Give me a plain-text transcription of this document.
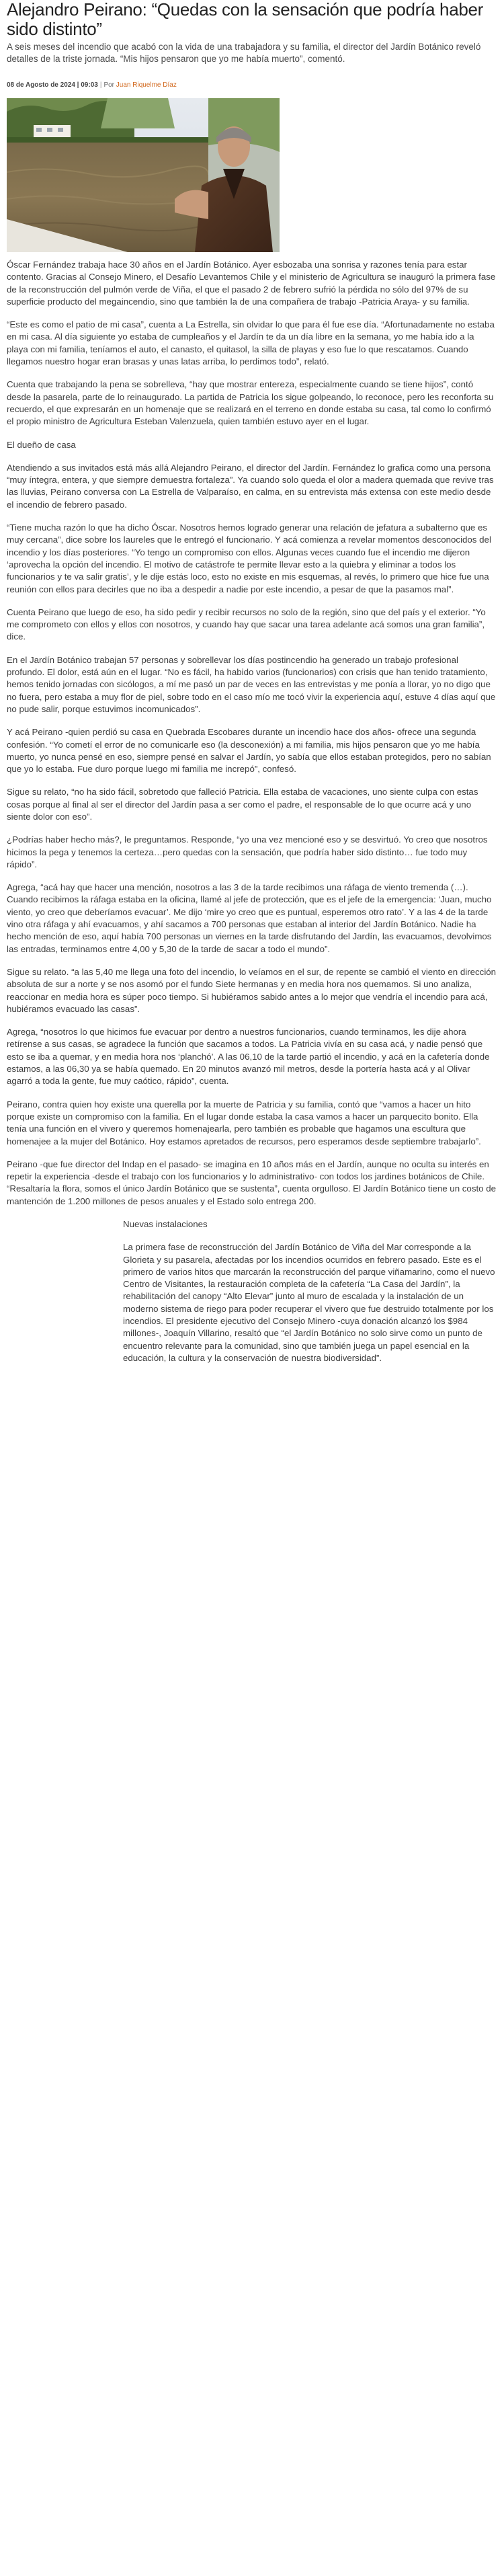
Alejandro Peirano: “Quedas con la sensación que podría haber sido distinto”
A seis meses del incendio que acabó con la vida de una trabajadora y su familia, el director del Jardín Botánico reveló detalles de la triste jornada. “Mis hijos pensaron que yo me había muerto”, comentó.
08 de Agosto de 2024 | 09:03 | Por Juan Riquelme Díaz

Óscar Fernández trabaja hace 30 años en el Jardín Botánico. Ayer esbozaba una sonrisa y razones tenía para estar contento. Gracias al Consejo Minero, el Desafío Levantemos Chile y el ministerio de Agricultura se inauguró la primera fase de la reconstrucción del pulmón verde de Viña, el que el pasado 2 de febrero sufrió la pérdida no sólo del 97% de su superficie producto del megaincendio, sino que también la de una compañera de trabajo -Patricia Araya- y su familia.

“Este es como el patio de mi casa”, cuenta a La Estrella, sin olvidar lo que para él fue ese día. “Afortunadamente no estaba en mi casa. Al día siguiente yo estaba de cumpleaños y el Jardín te da un día libre en la semana, yo me había ido a la playa con mi familia, teníamos el auto, el canasto, el quitasol, la silla de playas y eso fue lo que rescatamos. Cuando llegamos nuestro hogar eran brasas y unas latas arriba, lo perdimos todo”, relató.

Cuenta que trabajando la pena se sobrelleva, “hay que mostrar entereza, especialmente cuando se tiene hijos”, contó desde la pasarela, parte de lo reinaugurado. La partida de Patricia los sigue golpeando, lo reconoce, pero les reconforta su recuerdo, el que expresarán en un homenaje que se realizará en el terreno en donde estaba su casa, tal como lo confirmó el propio ministro de Agricultura Esteban Valenzuela, quien también estuvo ayer en el lugar.

El dueño de casa

Atendiendo a sus invitados está más allá Alejandro Peirano, el director del Jardín. Fernández lo grafica como una persona “muy íntegra, entera, y que siempre demuestra fortaleza”. Ya cuando solo queda el olor a madera quemada que revive tras las lluvias, Peirano conversa con La Estrella de Valparaíso, en calma, en su entrevista más extensa con este medio desde el incendio de febrero pasado.

“Tiene mucha razón lo que ha dicho Óscar. Nosotros hemos logrado generar una relación de jefatura a subalterno que es muy cercana”, dice sobre los laureles que le entregó el funcionario. Y acá comienza a revelar momentos desconocidos del incendio y los días posteriores. “Yo tengo un compromiso con ellos. Algunas veces cuando fue el incendio me dijeron ‘aprovecha la opción del incendio. El motivo de catástrofe te permite llevar esto a la quiebra y eliminar a todos los funcionarios y te va salir gratis’, y le dije estás loco, esto no existe en mis esquemas, al revés, lo primero que hice fue una reunión con ellos para decirles que no iba a despedir a nadie por este incendio, a pesar de que la pasamos mal”.

Cuenta Peirano que luego de eso, ha sido pedir y recibir recursos no solo de la región, sino que del país y el exterior. “Yo me comprometo con ellos y ellos con nosotros, y cuando hay que sacar una tarea adelante acá somos una gran familia”, dice.

En el Jardín Botánico trabajan 57 personas y sobrellevar los días postincendio ha generado un trabajo profesional profundo. El dolor, está aún en el lugar. “No es fácil, ha habido varios (funcionarios) con crisis que han tenido tratamiento, hemos tenido jornadas con sicólogos, a mí me pasó un par de veces en las entrevistas y me ponía a llorar, yo no digo que no fuera, pero estaba a muy flor de piel, sobre todo en el caso mío me tocó vivir la experiencia aquí, estuve 4 días aquí que no pude salir, porque estuvimos incomunicados”.

Y acá Peirano -quien perdió su casa en Quebrada Escobares durante un incendio hace dos años- ofrece una segunda confesión. “Yo cometí el error de no comunicarle eso (la desconexión) a mi familia, mis hijos pensaron que yo me había muerto, yo nunca pensé en eso, siempre pensé en salvar el Jardín, yo sabía que ellos estaban protegidos, pero no sabían que yo lo estaba. Fue duro porque luego mi familia me increpó”, confesó.

Sigue su relato, “no ha sido fácil, sobretodo que falleció Patricia. Ella estaba de vacaciones, uno siente culpa con estas cosas porque al final al ser el director del Jardín pasa a ser como el padre, el responsable de lo que ocurre acá y uno siente dolor con eso”.

¿Podrías haber hecho más?, le preguntamos. Responde, “yo una vez mencioné eso y se desvirtuó. Yo creo que nosotros hicimos la pega y tenemos la certeza…pero quedas con la sensación, que podría haber sido distinto… fue todo muy rápido”.

Agrega, “acá hay que hacer una mención, nosotros a las 3 de la tarde recibimos una ráfaga de viento tremenda (…). Cuando recibimos la ráfaga estaba en la oficina, llamé al jefe de protección, que es el jefe de la emergencia: ‘Juan, mucho viento, yo creo que deberíamos evacuar’. Me dijo ‘mire yo creo que es puntual, esperemos otro rato’. Y a las 4 de la tarde vino otra ráfaga y ahí evacuamos, y ahí sacamos a 700 personas que estaban al interior del Jardín Botánico. Nadie ha hecho mención de eso, aquí había 700 personas un viernes en la tarde disfrutando del Jardín, las evacuamos, devolvimos las entradas, terminamos entre 4,00 y 5,30 de la tarde de sacar a todo el mundo”.

Sigue su relato. “a las 5,40 me llega una foto del incendio, lo veíamos en el sur, de repente se cambió el viento en dirección absoluta de sur a norte y se nos asomó por el fundo Siete hermanas y en media hora nos quemamos. Si uno analiza, reaccionar en media hora es súper poco tiempo. Si hubiéramos sabido antes a lo mejor que vendría el incendio para acá, hubiéramos evacuado las casas”.

Agrega, “nosotros lo que hicimos fue evacuar por dentro a nuestros funcionarios, cuando terminamos, les dije ahora retírense a sus casas, se agradece la función que sacamos a todos. La Patricia vivía en su casa acá, y nadie pensó que esto se iba a quemar, y en media hora nos ‘planchó’. A las 06,10 de la tarde partió el incendio, y acá en la cafetería donde estamos, a las 06,30 ya se había quemado. En 20 minutos avanzó mil metros, desde la portería hasta acá y al Olivar agarró a toda la gente, fue muy caótico, rápido”, cuenta.

Peirano, contra quien hoy existe una querella por la muerte de Patricia y su familia, contó que “vamos a hacer un hito porque existe un compromiso con la familia. En el lugar donde estaba la casa vamos a hacer un parquecito bonito. Ella tenía una función en el vivero y queremos homenajearla, pero también es probable que hagamos una escultura que homenajee a la mujer del Botánico. Hoy estamos apretados de recursos, pero esperamos desde septiembre trabajarlo”.

Peirano -que fue director del Indap en el pasado- se imagina en 10 años más en el Jardín, aunque no oculta su interés en repetir la experiencia -desde el trabajo con los funcionarios y lo administrativo- con todos los jardines botánicos de Chile. “Resaltaría la flora, somos el único Jardín Botánico que se sustenta”, cuenta orgulloso. El Jardín Botánico tiene un costo de mantención de 1.200 millones de pesos anuales y el Estado solo entrega 200.

Nuevas instalaciones

La primera fase de reconstrucción del Jardín Botánico de Viña del Mar corresponde a la Glorieta y su pasarela, afectadas por los incendios ocurridos en febrero pasado. Este es el primero de varios hitos que marcarán la reconstrucción del parque viñamarino, como el nuevo Centro de Visitantes, la restauración completa de la cafetería “La Casa del Jardín”, la rehabilitación del canopy “Alto Elevar” junto al muro de escalada y la instalación de un moderno sistema de riego para poder recuperar el vivero que fue destruido totalmente por los incendios. El presidente ejecutivo del Consejo Minero -cuya donación alcanzó los $984 millones-, Joaquín Villarino, resaltó que “el Jardín Botánico no solo sirve como un punto de encuentro relevante para la comunidad, sino que también juega un papel esencial en la educación, la cultura y la conservación de nuestra biodiversidad”.
